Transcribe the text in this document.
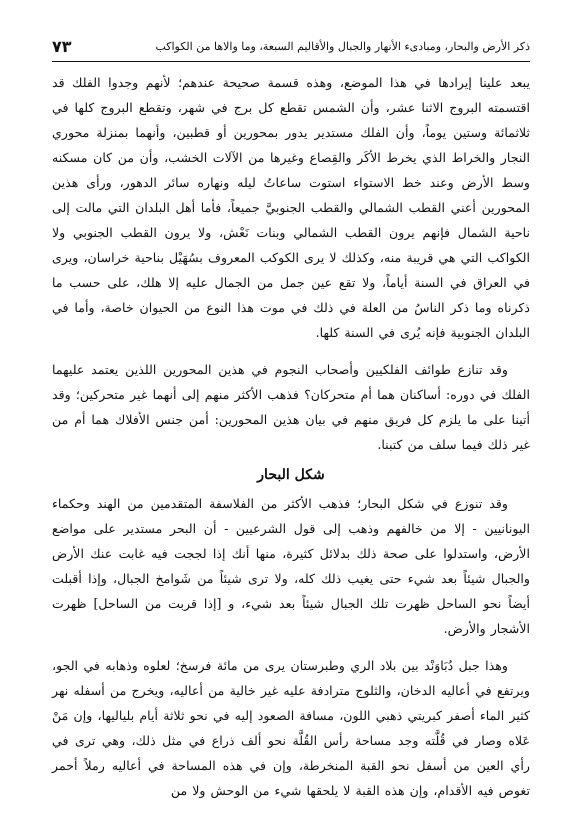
ذكر الأرض والبحار، ومبادىء الأنهار والجبال والأقاليم السبعة، وما والاها من الكواكب
٧٣

يبعد علينا إيرادها في هذا الموضع، وهذه قسمة صحيحة عندهم؛ لأنهم وجدوا الفلك قد اقتسمته البروج الاثنا عشر، وأن الشمس تقطع كل برج في شهر، وتقطع البروج كلها في ثلاثمائة وستين يوماً، وأن الفلك مستدير يدور بمحورين أو قطبين، وأنهما بمنزلة محوري النجار والخراط الذي يخرط الأكَر والقِصاع وغيرها من الآلات الخشب، وأن من كان مسكنه وسط الأرض وعند خط الاستواء استوت ساعاتُ ليله ونهاره سائر الدهور، ورأى هذين المحورين أعني القطب الشمالي والقطب الجنوبيَّ جميعاً، فأما أهل البلدان التي مالت إلى ناحية الشمال فإنهم يرون القطب الشمالي وبنات نَعْش، ولا يرون القطب الجنوبي ولا الكواكب التي هي قريبة منه، وكذلك لا يرى الكوكب المعروف بسُهَيْل بناحية خراسان، ويرى في العراق في السنة أياماً، ولا تقع عين جمل من الجمال عليه إلا هلك، على حسب ما ذكرناه وما ذكر الناسُ من العلة في ذلك في موت هذا النوع من الحيوان خاصة، وأما في البلدان الجنوبية فإنه يُرى في السنة كلها.

وقد تنازع طوائف الفلكيين وأصحاب النجوم في هذين المحورين اللذين يعتمد عليهما الفلك في دوره: أساكنان هما أم متحركان؟ فذهب الأكثر منهم إلى أنهما غير متحركين؛ وقد أتينا على ما يلزم كل فريق منهم في بيان هذين المحورين: أمن جنس الأفلاك هما أم من غير ذلك فيما سلف من كتبنا.

شكل البحار

وقد تنوزع في شكل البحار؛ فذهب الأكثر من الفلاسفة المتقدمين من الهند وحكماء اليونانيين - إلا من خالفهم وذهب إلى قول الشرعيين - أن البحر مستدير على مواضع الأرض، واستدلوا على صحة ذلك بدلائل كثيرة، منها أنك إذا لججت فيه غابت عنك الأرض والجبال شيئاً بعد شيء حتى يغيب ذلك كله، ولا ترى شيئاً من شَوامخ الجبال، وإذا أقبلت أيضاً نحو الساحل ظهرت تلك الجبال شيئاً بعد شيء، و [إذا قربت من الساحل] ظهرت الأشجار والأرض.

وهذا جبل دُبَاوَنْد بين بلاد الري وطبرستان يرى من مائة فرسخ؛ لعلوه وذهابه في الجو، ويرتفع في أعاليه الدخان، والثلوج مترادفة عليه غير خالية من أعاليه، ويخرج من أسفله نهر كثير الماء أصفر كبريتي ذهبي اللون، مسافة الصعود إليه في نحو ثلاثة أيام بلياليها، وإن مَنْ عَلاه وصار في قُلَّته وجد مساحة رأس القُلَّة نحو ألف ذراع في مثل ذلك، وهي ترى في رأي العين من أسفل نحو القبة المنخرطة، وإن في هذه المساحة في أعاليه رملاً أحمر تغوص فيه الأقدام، وإن هذه القبة لا يلحقها شيء من الوحش ولا من
